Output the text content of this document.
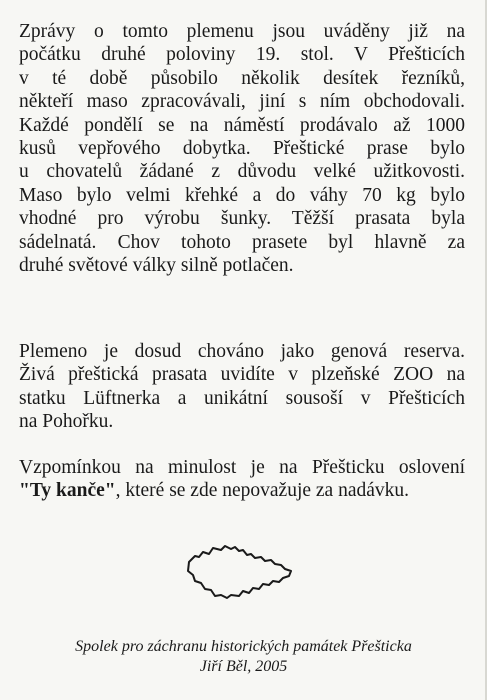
Zprávy o tomto plemenu jsou uváděny již na
počátku druhé poloviny 19. stol. V Přešticích
v té době působilo několik desítek řezníků,
někteří maso zpracovávali, jiní s ním obchodovali.
Každé pondělí se na náměstí prodávalo až 1000
kusů vepřového dobytka. Přeštické prase bylo
u chovatelů žádané z důvodu velké užitkovosti.
Maso bylo velmi křehké a do váhy 70 kg bylo
vhodné pro výrobu šunky. Těžší prasata byla
sádelnatá. Chov tohoto prasete byl hlavně za
druhé světové války silně potlačen.

Plemeno je dosud chováno jako genová reserva.
Živá přeštická prasata uvidíte v plzeňské ZOO na
statku Lüftnerka a unikátní sousoší v Přešticích
na Pohořku.

Vzpomínkou na minulost je na Přešticku oslovení
"Ty kanče", které se zde nepovažuje za nadávku.

Spolek pro záchranu historických památek Přešticka
Jiří Běl, 2005
